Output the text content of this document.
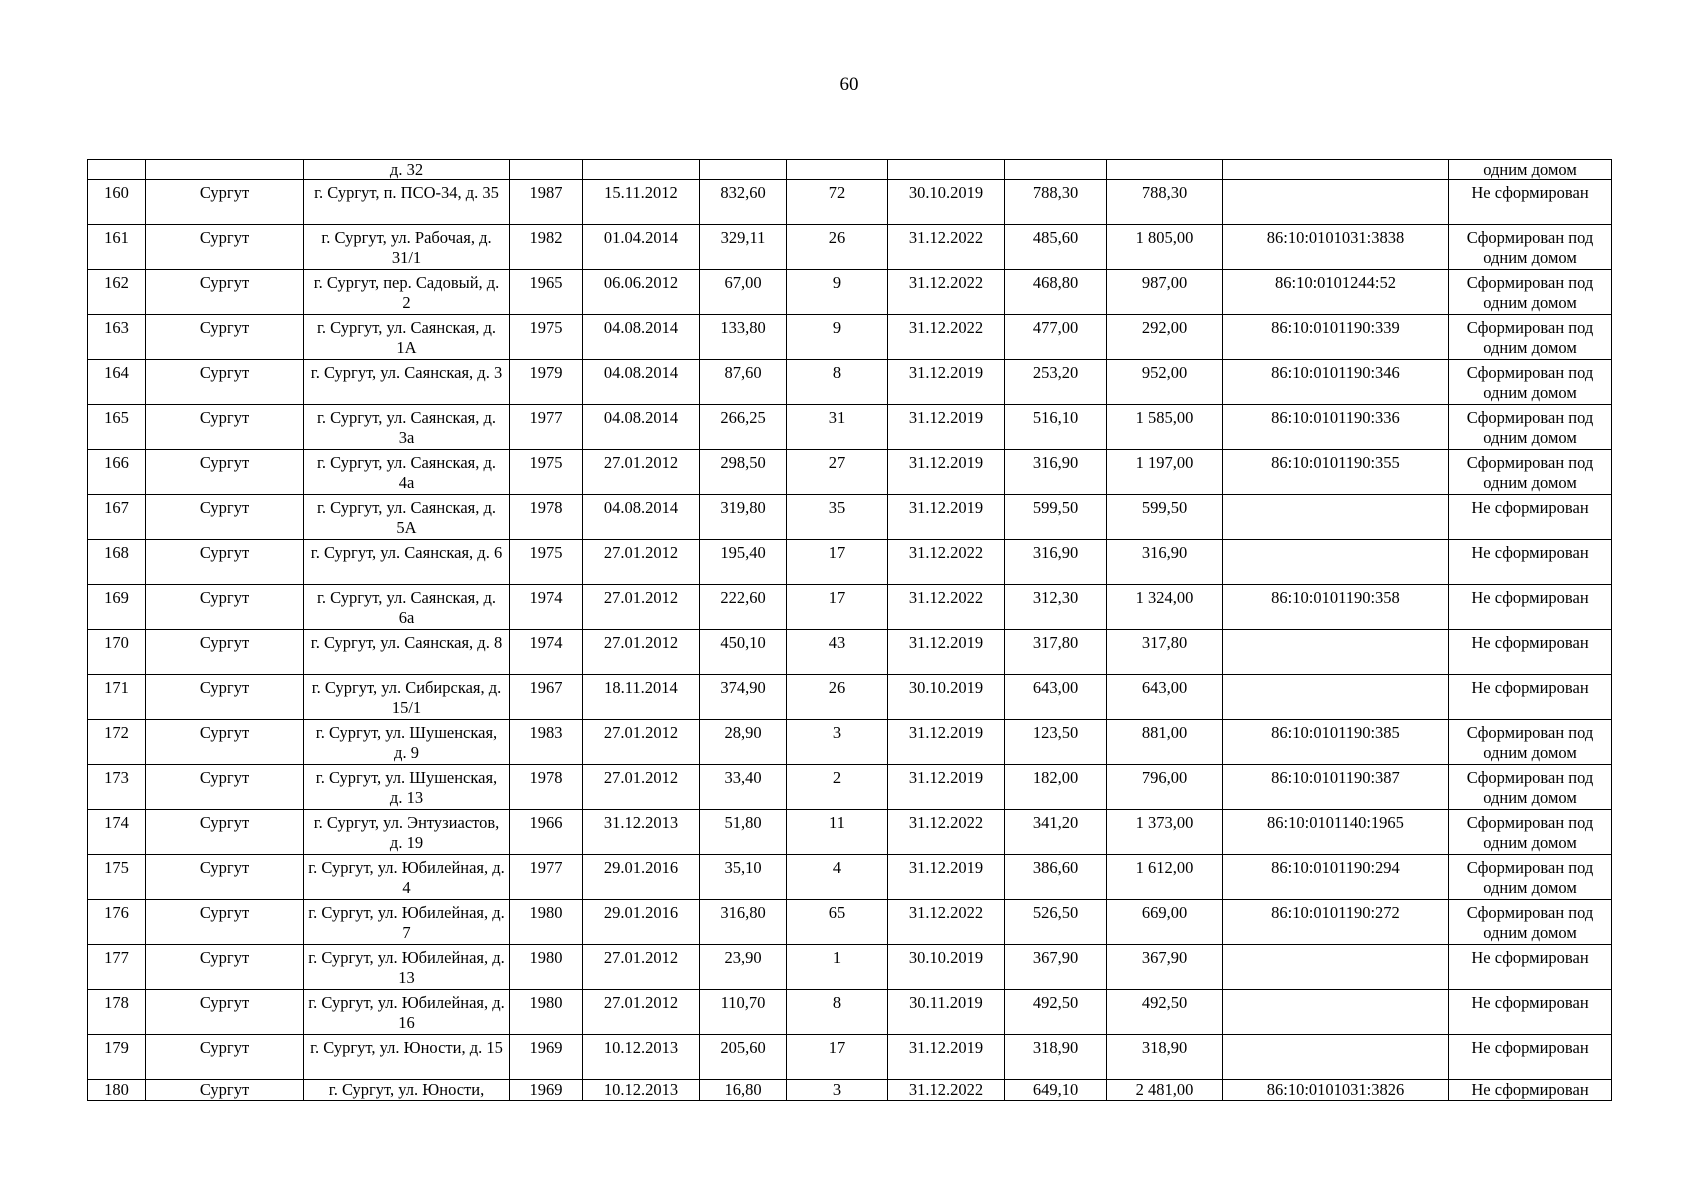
60
		д. 32									одним домом
160	Сургут	г. Сургут, п. ПСО-34, д. 35	1987	15.11.2012	832,60	72	30.10.2019	788,30	788,30		Не сформирован
161	Сургут	г. Сургут, ул. Рабочая, д. 31/1	1982	01.04.2014	329,11	26	31.12.2022	485,60	1 805,00	86:10:0101031:3838	Сформирован под одним домом
162	Сургут	г. Сургут, пер. Садовый, д. 2	1965	06.06.2012	67,00	9	31.12.2022	468,80	987,00	86:10:0101244:52	Сформирован под одним домом
163	Сургут	г. Сургут, ул. Саянская, д. 1А	1975	04.08.2014	133,80	9	31.12.2022	477,00	292,00	86:10:0101190:339	Сформирован под одним домом
164	Сургут	г. Сургут, ул. Саянская, д. 3	1979	04.08.2014	87,60	8	31.12.2019	253,20	952,00	86:10:0101190:346	Сформирован под одним домом
165	Сургут	г. Сургут, ул. Саянская, д. 3а	1977	04.08.2014	266,25	31	31.12.2019	516,10	1 585,00	86:10:0101190:336	Сформирован под одним домом
166	Сургут	г. Сургут, ул. Саянская, д. 4а	1975	27.01.2012	298,50	27	31.12.2019	316,90	1 197,00	86:10:0101190:355	Сформирован под одним домом
167	Сургут	г. Сургут, ул. Саянская, д. 5А	1978	04.08.2014	319,80	35	31.12.2019	599,50	599,50		Не сформирован
168	Сургут	г. Сургут, ул. Саянская, д. 6	1975	27.01.2012	195,40	17	31.12.2022	316,90	316,90		Не сформирован
169	Сургут	г. Сургут, ул. Саянская, д. 6а	1974	27.01.2012	222,60	17	31.12.2022	312,30	1 324,00	86:10:0101190:358	Не сформирован
170	Сургут	г. Сургут, ул. Саянская, д. 8	1974	27.01.2012	450,10	43	31.12.2019	317,80	317,80		Не сформирован
171	Сургут	г. Сургут, ул. Сибирская, д. 15/1	1967	18.11.2014	374,90	26	30.10.2019	643,00	643,00		Не сформирован
172	Сургут	г. Сургут, ул. Шушенская, д. 9	1983	27.01.2012	28,90	3	31.12.2019	123,50	881,00	86:10:0101190:385	Сформирован под одним домом
173	Сургут	г. Сургут, ул. Шушенская, д. 13	1978	27.01.2012	33,40	2	31.12.2019	182,00	796,00	86:10:0101190:387	Сформирован под одним домом
174	Сургут	г. Сургут, ул. Энтузиастов, д. 19	1966	31.12.2013	51,80	11	31.12.2022	341,20	1 373,00	86:10:0101140:1965	Сформирован под одним домом
175	Сургут	г. Сургут, ул. Юбилейная, д. 4	1977	29.01.2016	35,10	4	31.12.2019	386,60	1 612,00	86:10:0101190:294	Сформирован под одним домом
176	Сургут	г. Сургут, ул. Юбилейная, д. 7	1980	29.01.2016	316,80	65	31.12.2022	526,50	669,00	86:10:0101190:272	Сформирован под одним домом
177	Сургут	г. Сургут, ул. Юбилейная, д. 13	1980	27.01.2012	23,90	1	30.10.2019	367,90	367,90		Не сформирован
178	Сургут	г. Сургут, ул. Юбилейная, д. 16	1980	27.01.2012	110,70	8	30.11.2019	492,50	492,50		Не сформирован
179	Сургут	г. Сургут, ул. Юности, д. 15	1969	10.12.2013	205,60	17	31.12.2019	318,90	318,90		Не сформирован
180	Сургут	г. Сургут, ул. Юности,	1969	10.12.2013	16,80	3	31.12.2022	649,10	2 481,00	86:10:0101031:3826	Не сформирован
